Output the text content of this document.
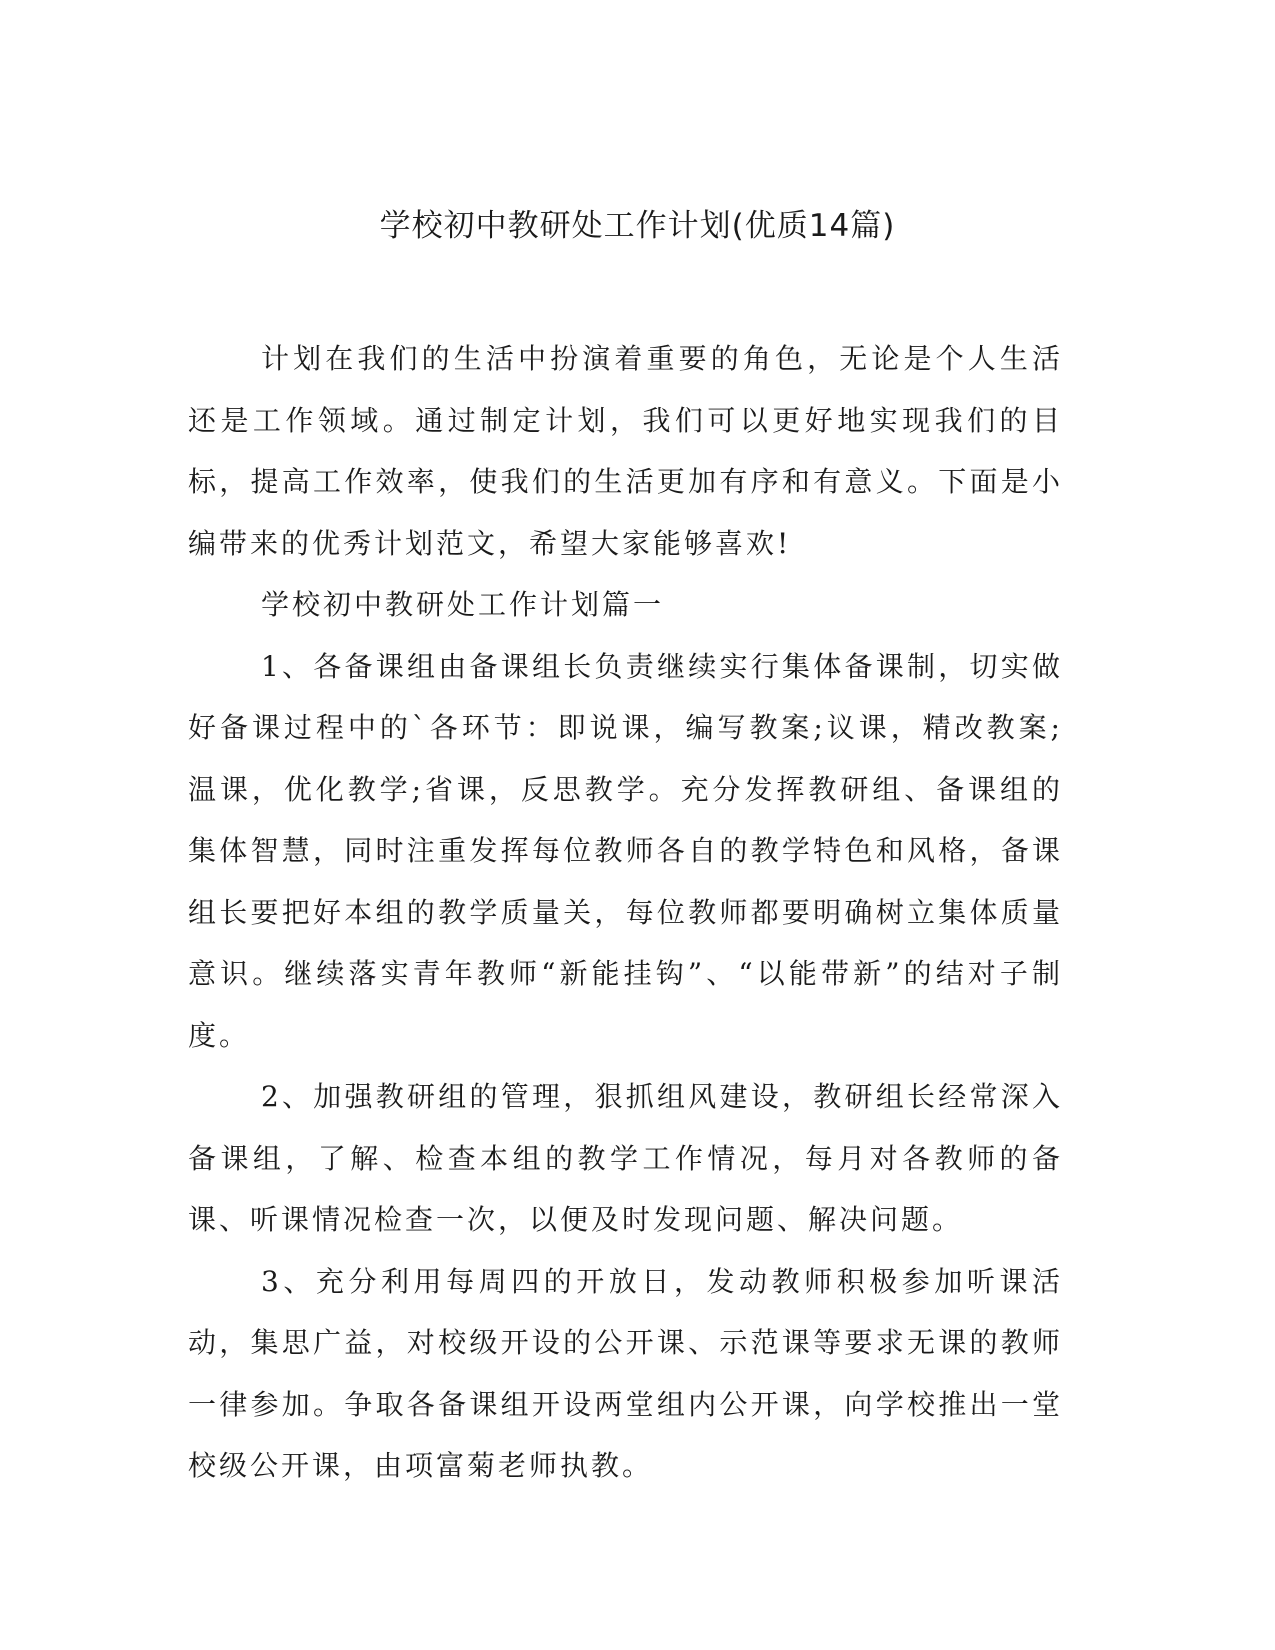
学校初中教研处工作计划(优质14篇)

计划在我们的生活中扮演着重要的角色，无论是个人生活还是工作领域。通过制定计划，我们可以更好地实现我们的目标，提高工作效率，使我们的生活更加有序和有意义。下面是小编带来的优秀计划范文，希望大家能够喜欢!

学校初中教研处工作计划篇一

1、各备课组由备课组长负责继续实行集体备课制，切实做好备课过程中的`各环节：即说课，编写教案;议课，精改教案;温课，优化教学;省课，反思教学。充分发挥教研组、备课组的集体智慧，同时注重发挥每位教师各自的教学特色和风格，备课组长要把好本组的教学质量关，每位教师都要明确树立集体质量意识。继续落实青年教师“新能挂钩”、“以能带新”的结对子制度。

2、加强教研组的管理，狠抓组风建设，教研组长经常深入备课组，了解、检查本组的教学工作情况，每月对各教师的备课、听课情况检查一次，以便及时发现问题、解决问题。

3、充分利用每周四的开放日，发动教师积极参加听课活动，集思广益，对校级开设的公开课、示范课等要求无课的教师一律参加。争取各备课组开设两堂组内公开课，向学校推出一堂校级公开课，由项富菊老师执教。
